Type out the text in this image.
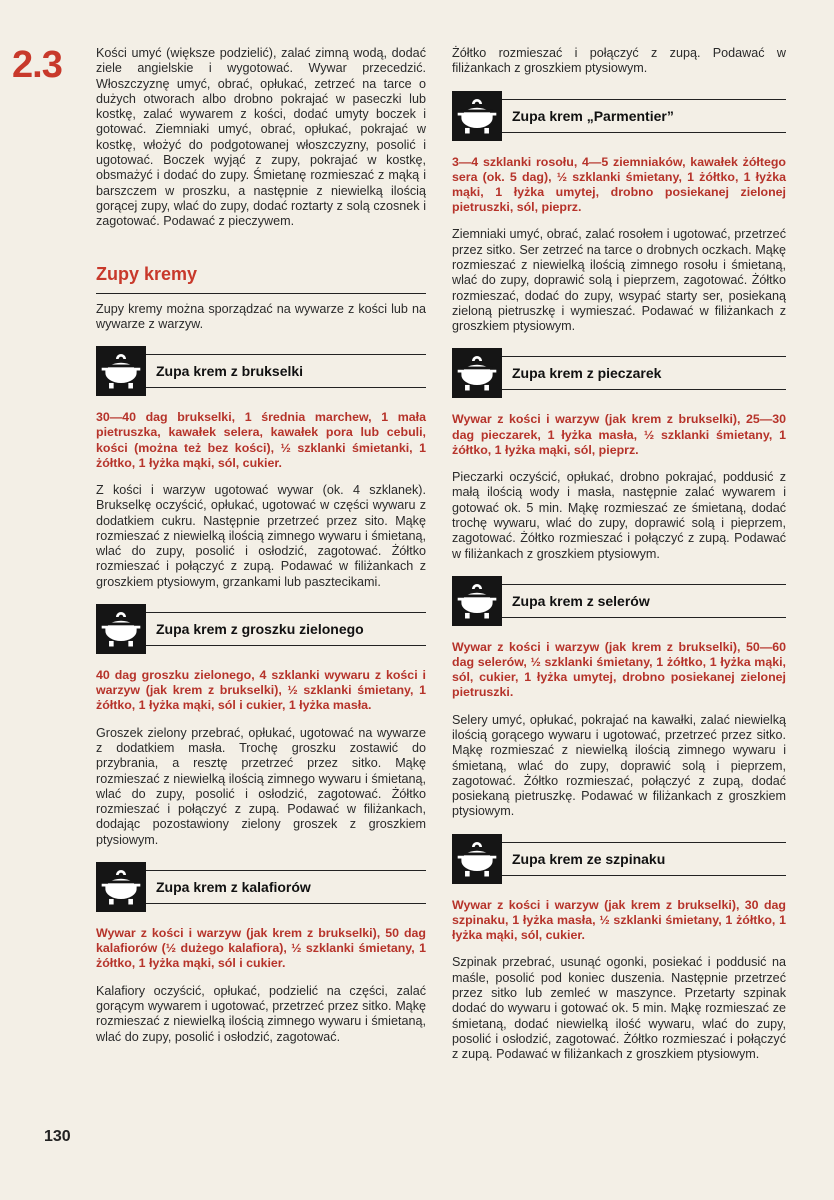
2.3	Kości umyć (większe podzielić), zalać zimną wodą, dodać ziele angielskie i wygotować. Wywar przecedzić. Włoszczyznę umyć, obrać, opłukać, zetrzeć na tarce o dużych otworach albo drobno pokrajać w paseczki lub kostkę, zalać wywarem z kości, dodać umyty boczek i gotować. Ziemniaki umyć, obrać, opłukać, pokrajać w kostkę, włożyć do podgotowanej włoszczyzny, posolić i ugotować. Boczek wyjąć z zupy, pokrajać w kostkę, obsmażyć i dodać do zupy. Śmietanę rozmieszać z mąką i barszczem w proszku, a następnie z niewielką ilością gorącej zupy, wlać do zupy, dodać roztarty z solą czosnek i zagotować. Podawać z pieczywem.

Zupy kremy

Zupy kremy można sporządzać na wywarze z kości lub na wywarze z warzyw.

Zupa krem z brukselki

30—40 dag brukselki, 1 średnia marchew, 1 mała pietruszka, kawałek selera, kawałek pora lub cebuli, kości (można też bez kości), ½ szklanki śmietanki, 1 żółtko, 1 łyżka mąki, sól, cukier.

Z kości i warzyw ugotować wywar (ok. 4 szklanek). Brukselkę oczyścić, opłukać, ugotować w części wywaru z dodatkiem cukru. Następnie przetrzeć przez sito. Mąkę rozmieszać z niewielką ilością zimnego wywaru i śmietaną, wlać do zupy, posolić i osłodzić, zagotować. Żółtko rozmieszać i połączyć z zupą. Podawać w filiżankach z groszkiem ptysiowym, grzankami lub pasztecikami.

Zupa krem z groszku zielonego

40 dag groszku zielonego, 4 szklanki wywaru z kości i warzyw (jak krem z brukselki), ½ szklanki śmietany, 1 żółtko, 1 łyżka mąki, sól i cukier, 1 łyżka masła.

Groszek zielony przebrać, opłukać, ugotować na wywarze z dodatkiem masła. Trochę groszku zostawić do przybrania, a resztę przetrzeć przez sitko. Mąkę rozmieszać z niewielką ilością zimnego wywaru i śmietaną, wlać do zupy, posolić i osłodzić, zagotować. Żółtko rozmieszać i połączyć z zupą. Podawać w filiżankach, dodając pozostawiony zielony groszek z groszkiem ptysiowym.

Zupa krem z kalafiorów

Wywar z kości i warzyw (jak krem z brukselki), 50 dag kalafiorów (½ dużego kalafiora), ½ szklanki śmietany, 1 żółtko, 1 łyżka mąki, sól i cukier.

Kalafiory oczyścić, opłukać, podzielić na części, zalać gorącym wywarem i ugotować, przetrzeć przez sitko. Mąkę rozmieszać z niewielką ilością zimnego wywaru i śmietaną, wlać do zupy, posolić i osłodzić, zagotować.

Żółtko rozmieszać i połączyć z zupą. Podawać w filiżankach z groszkiem ptysiowym.

Zupa krem „Parmentier”

3—4 szklanki rosołu, 4—5 ziemniaków, kawałek żółtego sera (ok. 5 dag), ½ szklanki śmietany, 1 żółtko, 1 łyżka mąki, 1 łyżka umytej, drobno posiekanej zielonej pietruszki, sól, pieprz.

Ziemniaki umyć, obrać, zalać rosołem i ugotować, przetrzeć przez sitko. Ser zetrzeć na tarce o drobnych oczkach. Mąkę rozmieszać z niewielką ilością zimnego rosołu i śmietaną, wlać do zupy, doprawić solą i pieprzem, zagotować. Żółtko rozmieszać, dodać do zupy, wsypać starty ser, posiekaną zieloną pietruszkę i wymieszać. Podawać w filiżankach z groszkiem ptysiowym.

Zupa krem z pieczarek

Wywar z kości i warzyw (jak krem z brukselki), 25—30 dag pieczarek, 1 łyżka masła, ½ szklanki śmietany, 1 żółtko, 1 łyżka mąki, sól, pieprz.

Pieczarki oczyścić, opłukać, drobno pokrajać, poddusić z małą ilością wody i masła, następnie zalać wywarem i gotować ok. 5 min. Mąkę rozmieszać ze śmietaną, dodać trochę wywaru, wlać do zupy, doprawić solą i pieprzem, zagotować. Żółtko rozmieszać i połączyć z zupą. Podawać w filiżankach z groszkiem ptysiowym.

Zupa krem z selerów

Wywar z kości i warzyw (jak krem z brukselki), 50—60 dag selerów, ½ szklanki śmietany, 1 żółtko, 1 łyżka mąki, sól, cukier, 1 łyżka umytej, drobno posiekanej zielonej pietruszki.

Selery umyć, opłukać, pokrajać na kawałki, zalać niewielką ilością gorącego wywaru i ugotować, przetrzeć przez sitko. Mąkę rozmieszać z niewielką ilością zimnego wywaru i śmietaną, wlać do zupy, doprawić solą i pieprzem, zagotować. Żółtko rozmieszać, połączyć z zupą, dodać posiekaną pietruszkę. Podawać w filiżankach z groszkiem ptysiowym.

Zupa krem ze szpinaku

Wywar z kości i warzyw (jak krem z brukselki), 30 dag szpinaku, 1 łyżka masła, ½ szklanki śmietany, 1 żółtko, 1 łyżka mąki, sól, cukier.

Szpinak przebrać, usunąć ogonki, posiekać i poddusić na maśle, posolić pod koniec duszenia. Następnie przetrzeć przez sitko lub zemleć w maszynce. Przetarty szpinak dodać do wywaru i gotować ok. 5 min. Mąkę rozmieszać ze śmietaną, dodać niewielką ilość wywaru, wlać do zupy, posolić i osłodzić, zagotować. Żółtko rozmieszać i połączyć z zupą. Podawać w filiżankach z groszkiem ptysiowym.

130
